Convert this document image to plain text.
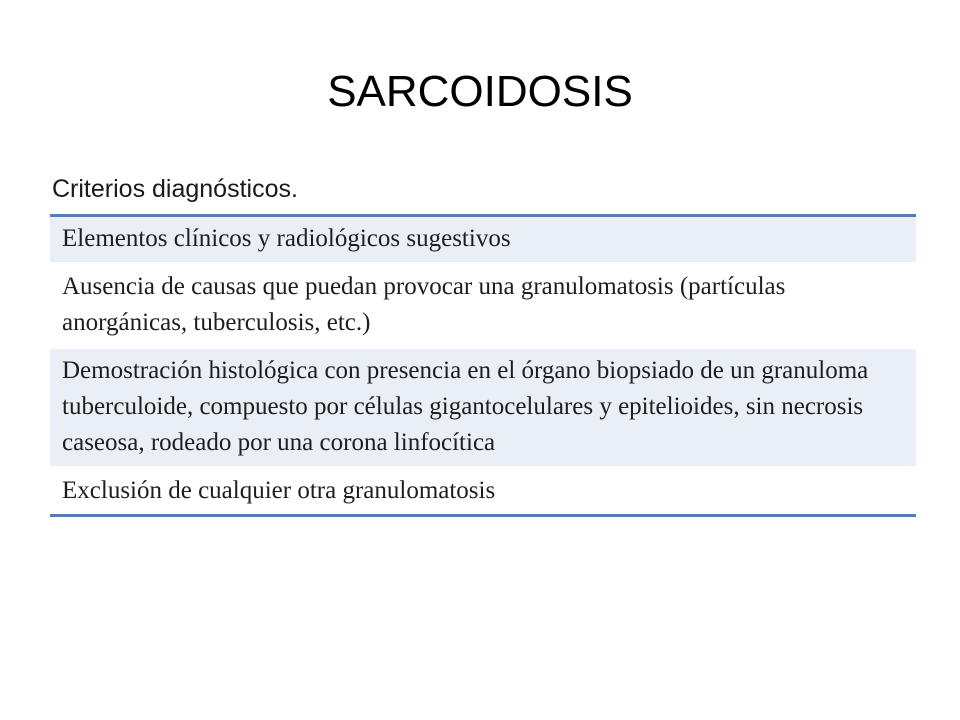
SARCOIDOSIS
Criterios diagnósticos.
Elementos clínicos y radiológicos sugestivos
Ausencia de causas que puedan provocar una granulomatosis (partículas anorgánicas, tuberculosis, etc.)
Demostración histológica con presencia en el órgano biopsiado de un granuloma tuberculoide, compuesto por células gigantocelulares y epitelioides, sin necrosis caseosa, rodeado por una corona linfocítica
Exclusión de cualquier otra granulomatosis
